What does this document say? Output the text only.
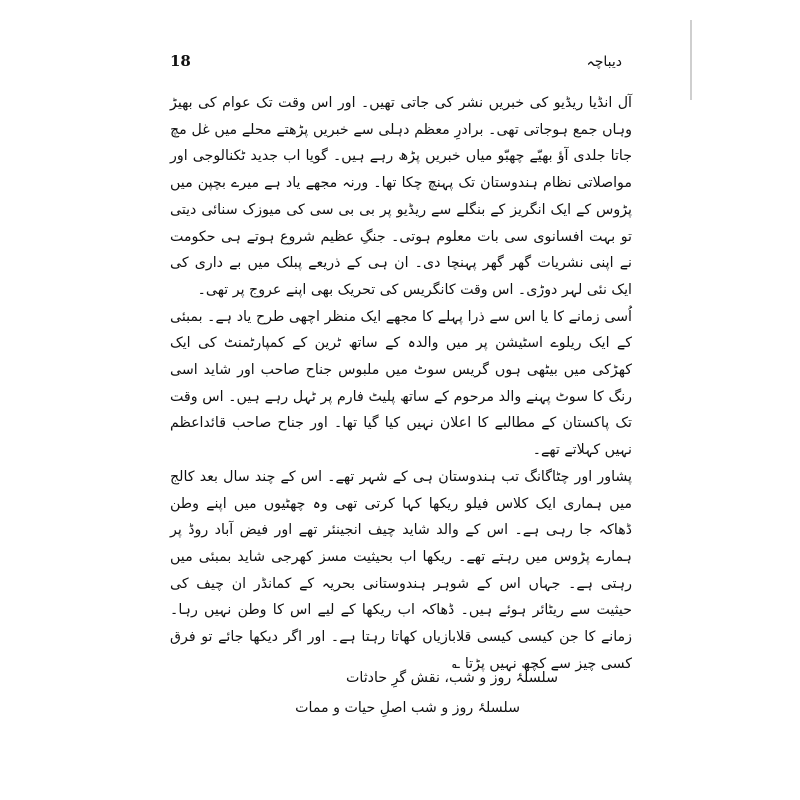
18	دیباچہ

آل انڈیا ریڈیو کی خبریں نشر کی جاتی تھیں۔ اور اس وقت تک عوام کی بھیڑ وہاں جمع ہوجاتی تھی۔ برادرِ معظم دہلی سے خبریں پڑھتے محلے میں غل مچ جاتا جلدی آؤ بھیّے چھبّو میاں خبریں پڑھ رہے ہیں۔ گویا اب جدید ٹکنالوجی اور مواصلاتی نظام ہندوستان تک پہنچ چکا تھا۔ ورنہ مجھے یاد ہے میرے بچپن میں پڑوس کے ایک انگریز کے بنگلے سے ریڈیو پر بی بی سی کی میوزک سنائی دیتی تو بہت افسانوی سی بات معلوم ہوتی۔ جنگِ عظیم شروع ہوتے ہی حکومت نے اپنی نشریات گھر گھر پہنچا دی۔ ان ہی کے ذریعے پبلک میں بے داری کی ایک نئی لہر دوڑی۔ اس وقت کانگریس کی تحریک بھی اپنے عروج پر تھی۔

اُسی زمانے کا یا اس سے ذرا پہلے کا مجھے ایک منظر اچھی طرح یاد ہے۔ بمبئی کے ایک ریلوے اسٹیشن پر میں والدہ کے ساتھ ٹرین کے کمپارٹمنٹ کی ایک کھڑکی میں بیٹھی ہوں گریس سوٹ میں ملبوس جناح صاحب اور شاید اسی رنگ کا سوٹ پہنے والد مرحوم کے ساتھ پلیٹ فارم پر ٹہل رہے ہیں۔ اس وقت تک پاکستان کے مطالبے کا اعلان نہیں کیا گیا تھا۔ اور جناح صاحب قائداعظم نہیں کہلاتے تھے۔

پشاور اور چٹاگانگ تب ہندوستان ہی کے شہر تھے۔ اس کے چند سال بعد کالج میں ہماری ایک کلاس فیلو ریکھا کہا کرتی تھی وہ چھٹیوں میں اپنے وطن ڈھاکہ جا رہی ہے۔ اس کے والد شاید چیف انجینئر تھے اور فیض آباد روڈ پر ہمارے پڑوس میں رہتے تھے۔ ریکھا اب بحیثیت مسز کھرجی شاید بمبئی میں رہتی ہے۔ جہاں اس کے شوہر ہندوستانی بحریہ کے کمانڈر ان چیف کی حیثیت سے ریٹائر ہوئے ہیں۔ ڈھاکہ اب ریکھا کے لیے اس کا وطن نہیں رہا۔ زمانے کا جن کیسی کیسی قلابازیاں کھاتا رہتا ہے۔ اور اگر دیکھا جائے تو فرق کسی چیز سے کچھ نہیں پڑتا ؎

سلسلۂ روز و شب، نقش گرِ حادثات
سلسلۂ روز و شب اصلِ حیات و ممات
